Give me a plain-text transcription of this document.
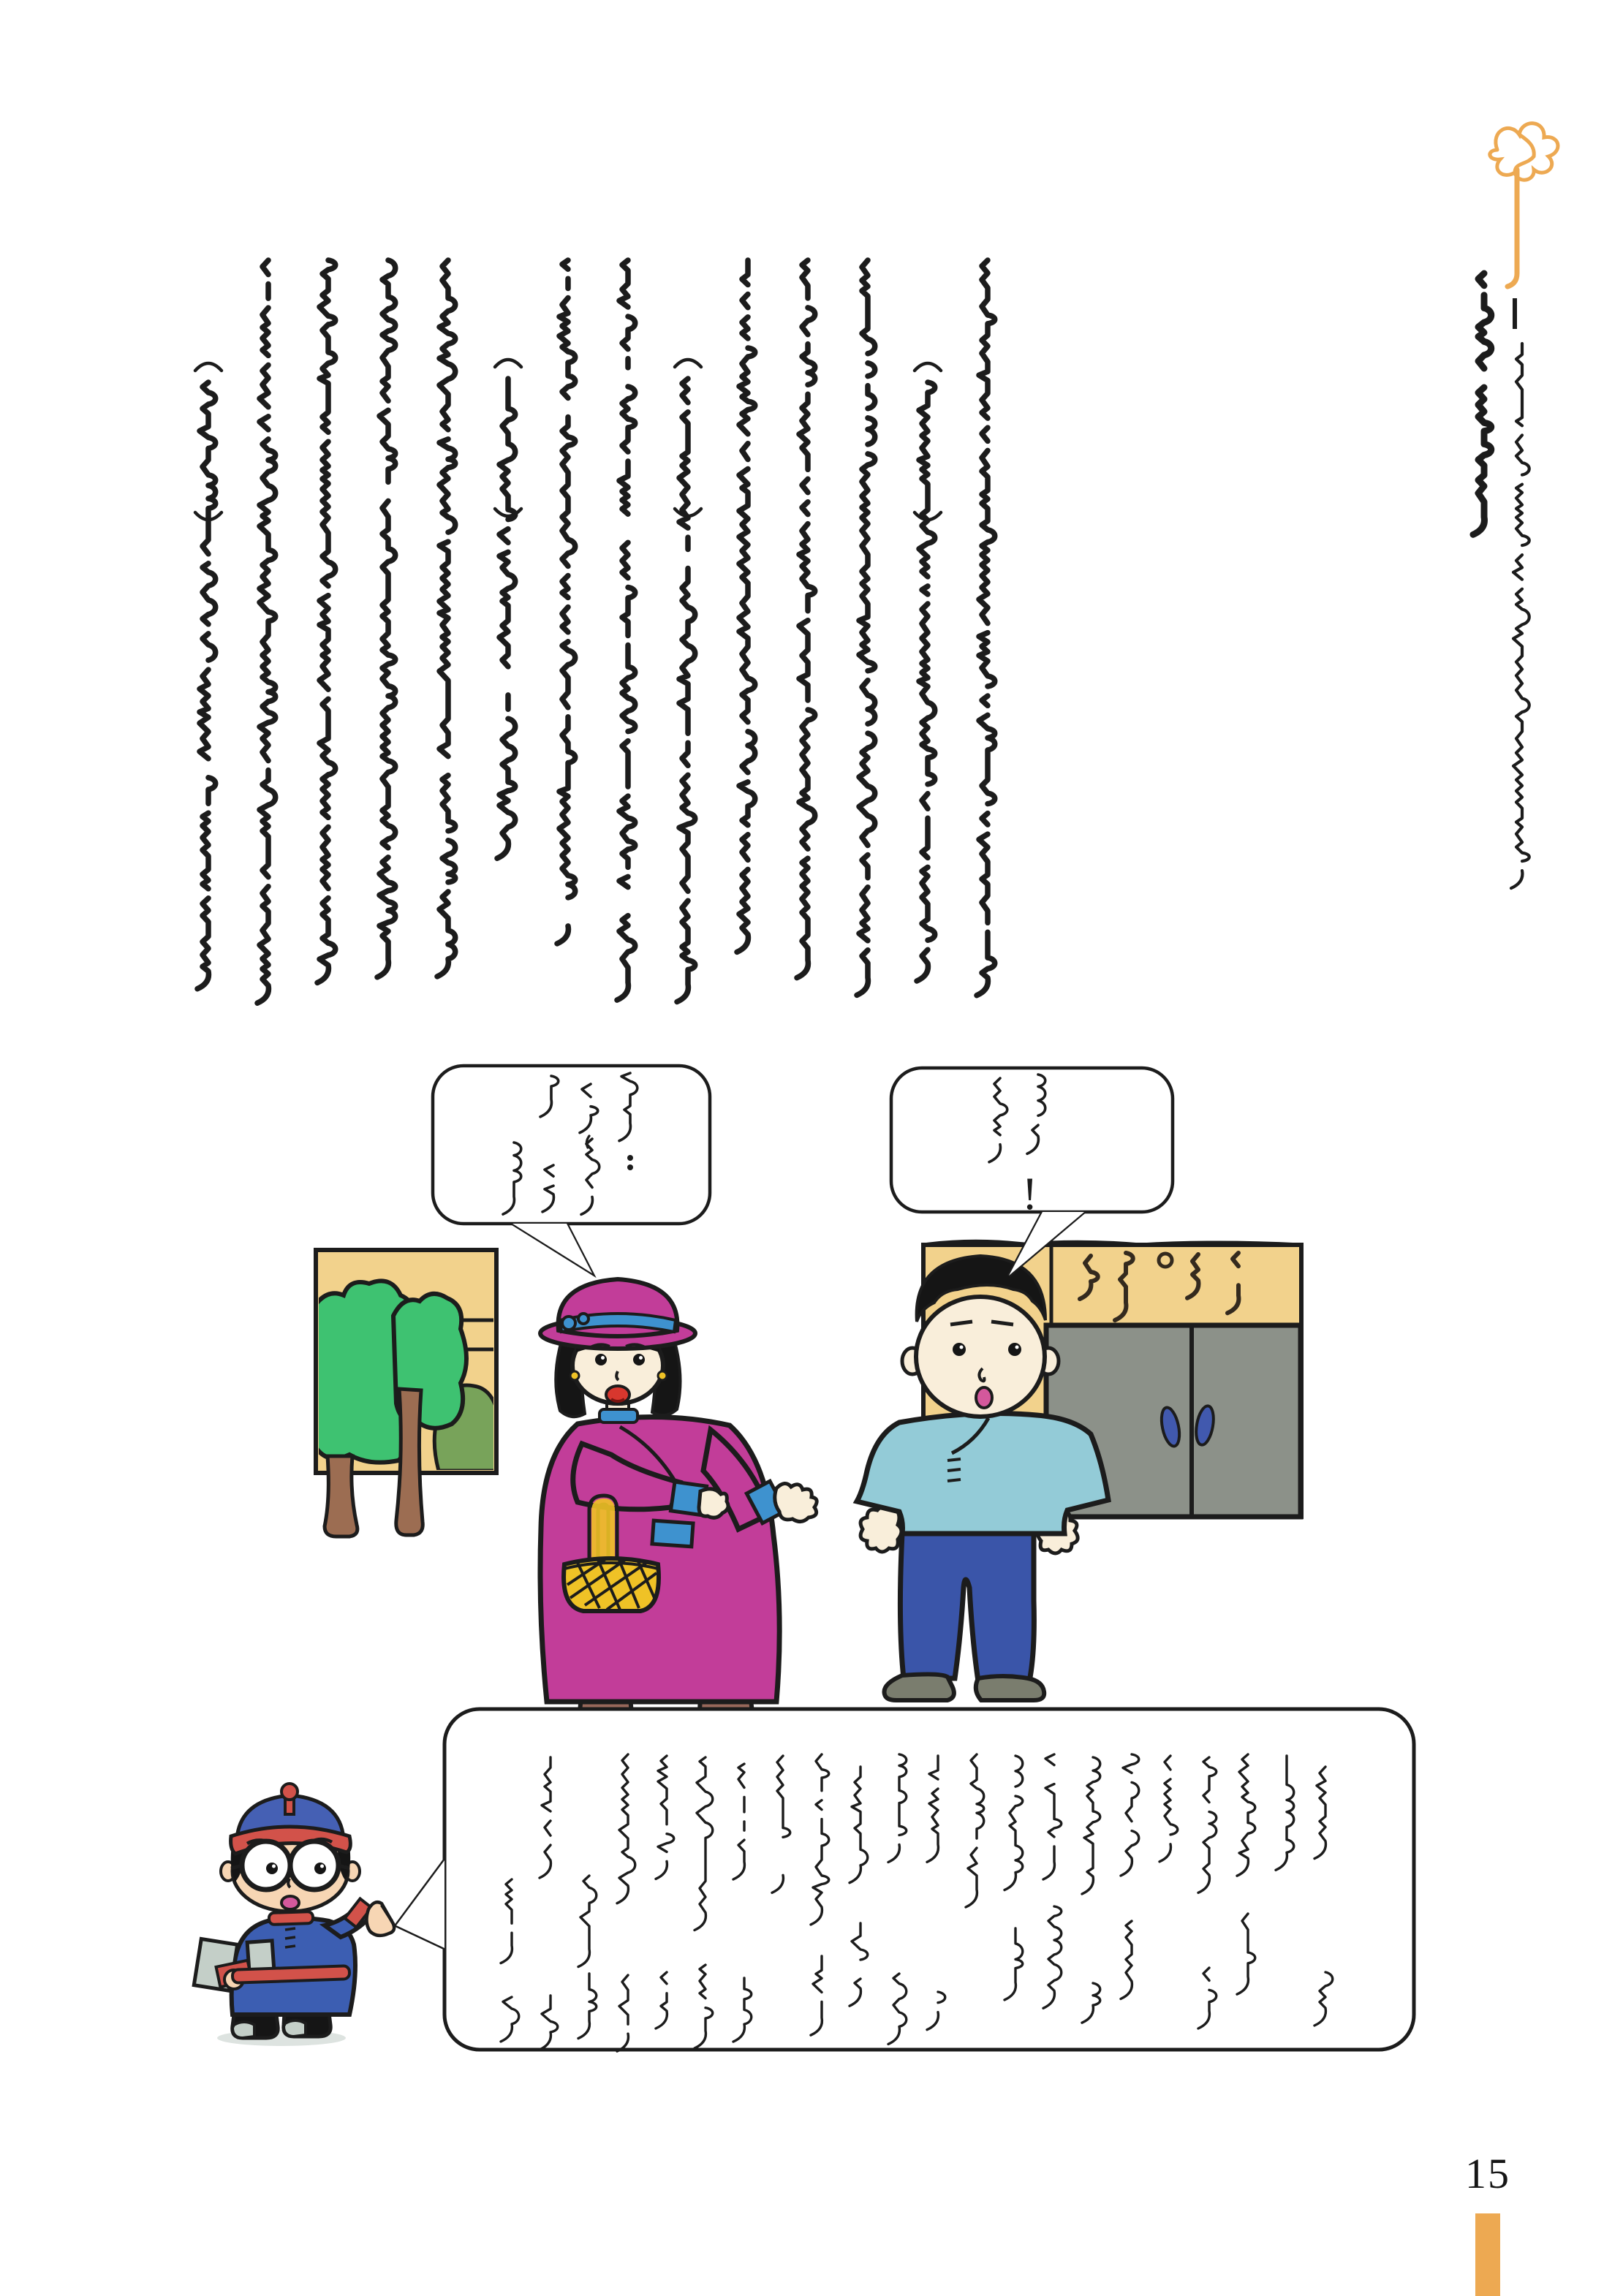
!
15
